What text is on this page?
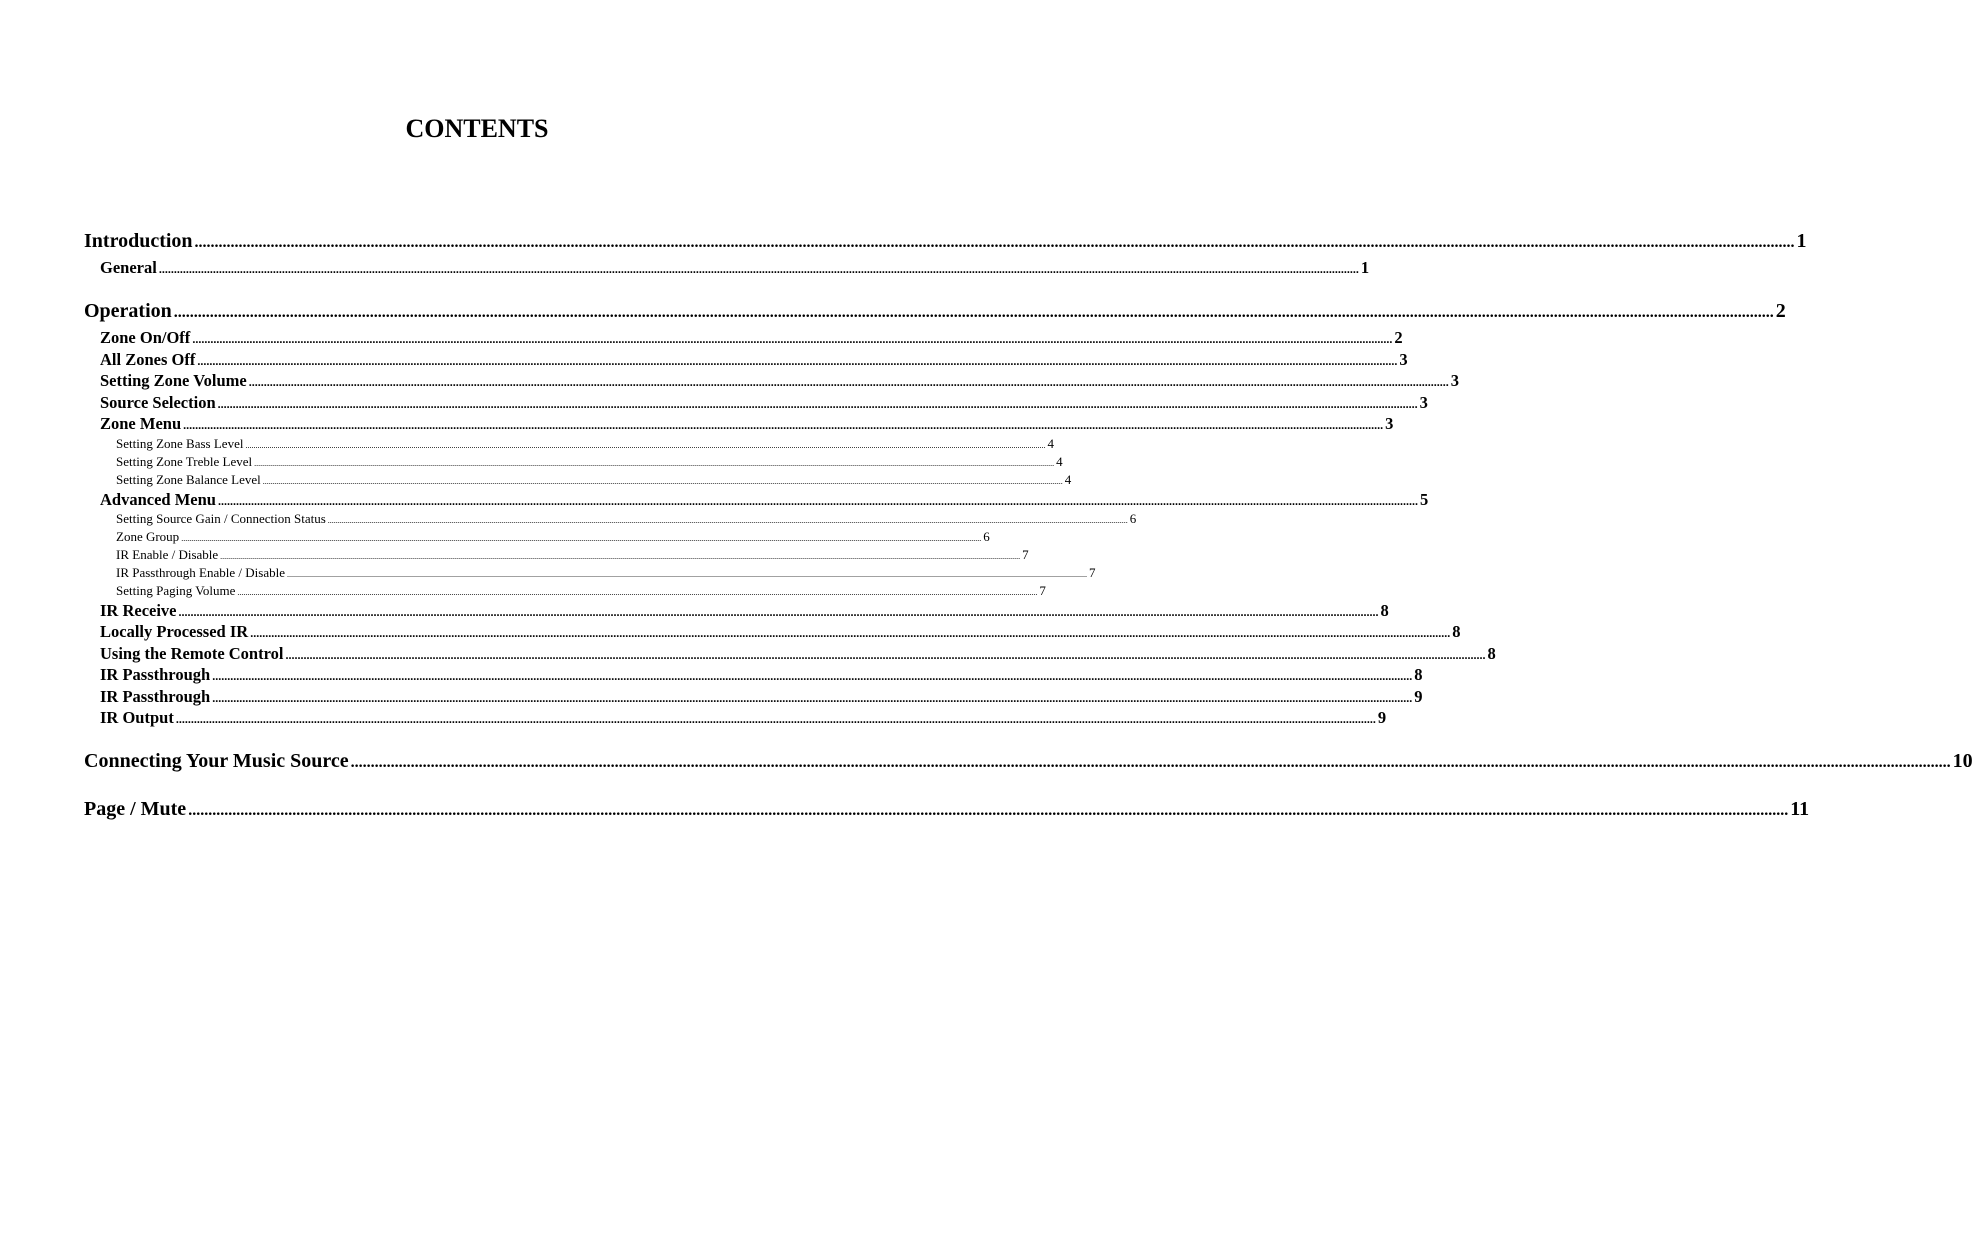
CONTENTS
Introduction ................................................................................................................................................................................................................................................................................................................................................................................................................ 1
General ................................................................................................................................................................................................................................................................................................................................................................................................................ 1
Operation ................................................................................................................................................................................................................................................................................................................................................................................................................ 2
Zone On/Off ................................................................................................................................................................................................................................................................................................................................................................................................................ 2
All Zones Off ................................................................................................................................................................................................................................................................................................................................................................................................................ 3
Setting Zone Volume ................................................................................................................................................................................................................................................................................................................................................................................................................ 3
Source Selection ................................................................................................................................................................................................................................................................................................................................................................................................................ 3
Zone Menu ................................................................................................................................................................................................................................................................................................................................................................................................................ 3
Setting Zone Bass Level ................................................................................................................................................................................................................................................................................................................................................................................................................ 4
Setting Zone Treble Level ................................................................................................................................................................................................................................................................................................................................................................................................................ 4
Setting Zone Balance Level ................................................................................................................................................................................................................................................................................................................................................................................................................ 4
Advanced Menu ................................................................................................................................................................................................................................................................................................................................................................................................................ 5
Setting Source Gain / Connection Status ................................................................................................................................................................................................................................................................................................................................................................................................................ 6
Zone Group ................................................................................................................................................................................................................................................................................................................................................................................................................ 6
IR Enable / Disable ................................................................................................................................................................................................................................................................................................................................................................................................................ 7
IR Passthrough Enable / Disable ................................................................................................................................................................................................................................................................................................................................................................................................................ 7
Setting Paging Volume ................................................................................................................................................................................................................................................................................................................................................................................................................ 7
IR Receive ................................................................................................................................................................................................................................................................................................................................................................................................................ 8
Locally Processed IR ................................................................................................................................................................................................................................................................................................................................................................................................................ 8
Using the Remote Control ................................................................................................................................................................................................................................................................................................................................................................................................................ 8
IR Passthrough ................................................................................................................................................................................................................................................................................................................................................................................................................ 8
IR Passthrough ................................................................................................................................................................................................................................................................................................................................................................................................................ 9
IR Output ................................................................................................................................................................................................................................................................................................................................................................................................................ 9
Connecting Your Music Source ................................................................................................................................................................................................................................................................................................................................................................................................................ 10
Page / Mute ................................................................................................................................................................................................................................................................................................................................................................................................................ 11
